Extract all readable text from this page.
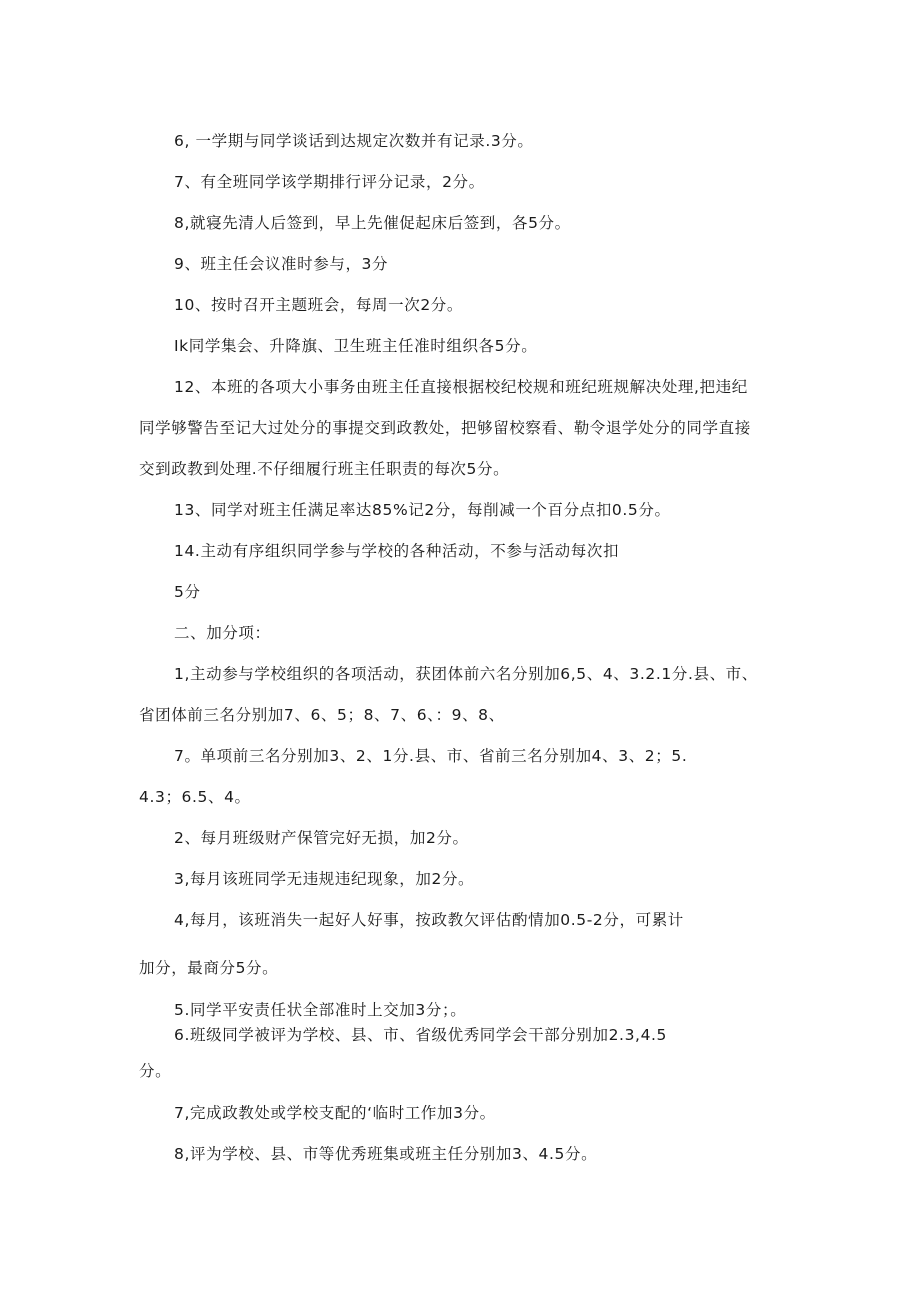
6, 一学期与同学谈话到达规定次数并有记录.3分。
7、有全班同学该学期排行评分记录，2分。
8,就寝先清人后签到，早上先催促起床后签到，各5分。
9、班主任会议准时参与，3分
10、按时召开主题班会，每周一次2分。
Ik同学集会、升降旗、卫生班主任准时组织各5分。
12、本班的各项大小事务由班主任直接根据校纪校规和班纪班规解决处理,把违纪
同学够警告至记大过处分的事提交到政教处，把够留校察看、勒令退学处分的同学直接
交到政教到处理.不仔细履行班主任职责的每次5分。
13、同学对班主任满足率达85%记2分，每削减一个百分点扣0.5分。
14.主动有序组织同学参与学校的各种活动，不参与活动每次扣
5分
二、加分项：
1,主动参与学校组织的各项活动，获团体前六名分别加6,5、4、3.2.1分.县、市、
省团体前三名分别加7、6、5；8、7、6、：9、8、
7。单项前三名分别加3、2、1分.县、市、省前三名分别加4、3、2；5.
4.3；6.5、4。
2、每月班级财产保管完好无损，加2分。
3,每月该班同学无违规违纪现象，加2分。
4,每月，该班消失一起好人好事，按政教欠评估酌情加0.5-2分，可累计
加分，最商分5分。
5.同学平安责任状全部准时上交加3分；。
6.班级同学被评为学校、县、市、省级优秀同学会干部分别加2.3,4.5
分。
7,完成政教处或学校支配的‘临时工作加3分。
8,评为学校、县、市等优秀班集或班主任分别加3、4.5分。
